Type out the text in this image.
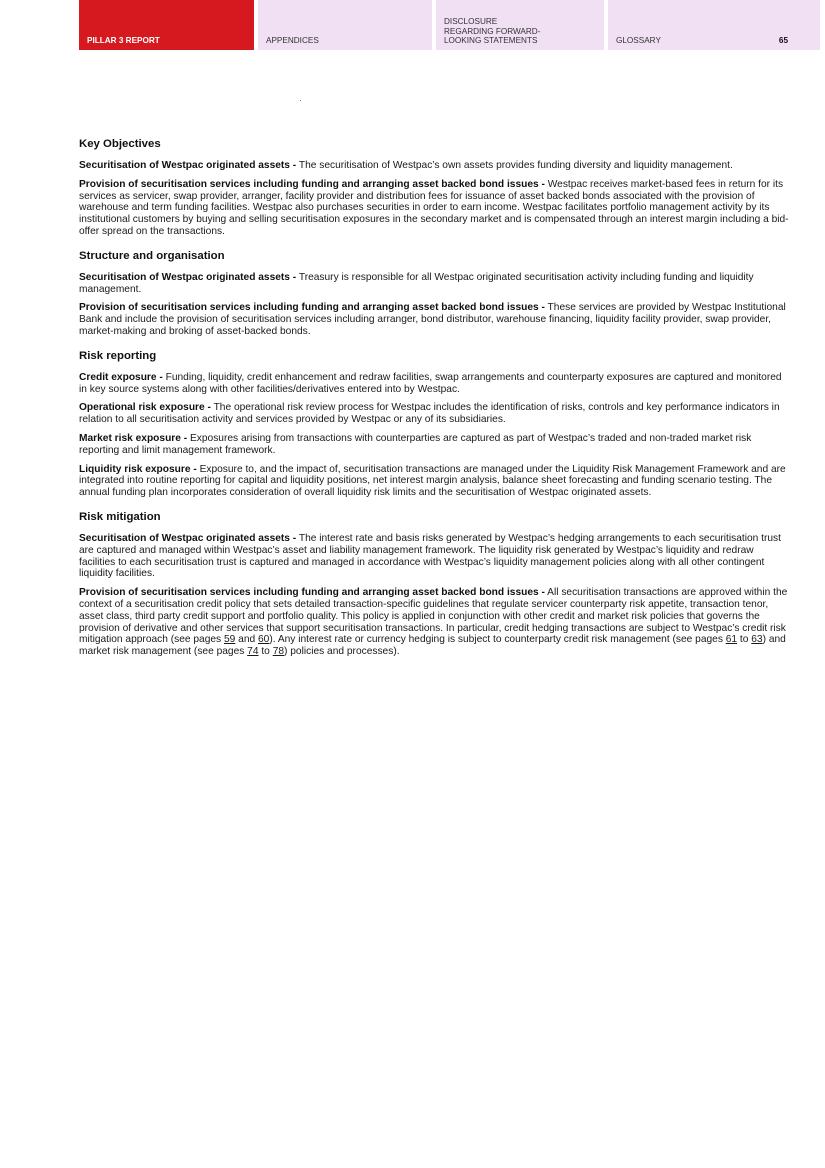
PILLAR 3 REPORT	APPENDICES
DISCLOSURE
REGARDING FORWARD-
LOOKING STATEMENTS	GLOSSARY	65
Key Objectives

Securitisation of Westpac originated assets - The securitisation of Westpac’s own assets provides funding diversity and liquidity management.

Provision of securitisation services including funding and arranging asset backed bond issues - Westpac receives market-based fees in return for its services as servicer, swap provider, arranger, facility provider and distribution fees for issuance of asset backed bonds associated with the provision of warehouse and term funding facilities. Westpac also purchases securities in order to earn income. Westpac facilitates portfolio management activity by its institutional customers by buying and selling securitisation exposures in the secondary market and is compensated through an interest margin including a bid-offer spread on the transactions.

Structure and organisation

Securitisation of Westpac originated assets - Treasury is responsible for all Westpac originated securitisation activity including funding and liquidity management.

Provision of securitisation services including funding and arranging asset backed bond issues - These services are provided by Westpac Institutional Bank and include the provision of securitisation services including arranger, bond distributor, warehouse financing, liquidity facility provider, swap provider, market-making and broking of asset-backed bonds.

Risk reporting

Credit exposure - Funding, liquidity, credit enhancement and redraw facilities, swap arrangements and counterparty exposures are captured and monitored in key source systems along with other facilities/derivatives entered into by Westpac.

Operational risk exposure - The operational risk review process for Westpac includes the identification of risks, controls and key performance indicators in relation to all securitisation activity and services provided by Westpac or any of its subsidiaries.

Market risk exposure - Exposures arising from transactions with counterparties are captured as part of Westpac’s traded and non-traded market risk reporting and limit management framework.

Liquidity risk exposure - Exposure to, and the impact of, securitisation transactions are managed under the Liquidity Risk Management Framework and are integrated into routine reporting for capital and liquidity positions, net interest margin analysis, balance sheet forecasting and funding scenario testing. The annual funding plan incorporates consideration of overall liquidity risk limits and the securitisation of Westpac originated assets.

Risk mitigation

Securitisation of Westpac originated assets - The interest rate and basis risks generated by Westpac’s hedging arrangements to each securitisation trust are captured and managed within Westpac’s asset and liability management framework. The liquidity risk generated by Westpac’s liquidity and redraw facilities to each securitisation trust is captured and managed in accordance with Westpac’s liquidity management policies along with all other contingent liquidity facilities.

Provision of securitisation services including funding and arranging asset backed bond issues - All securitisation transactions are approved within the context of a securitisation credit policy that sets detailed transaction-specific guidelines that regulate servicer counterparty risk appetite, transaction tenor, asset class, third party credit support and portfolio quality. This policy is applied in conjunction with other credit and market risk policies that governs the provision of derivative and other services that support securitisation transactions. In particular, credit hedging transactions are subject to Westpac’s credit risk mitigation approach (see pages 59 and 60). Any interest rate or currency hedging is subject to counterparty credit risk management (see pages 61 to 63) and market risk management (see pages 74 to 78) policies and processes).
